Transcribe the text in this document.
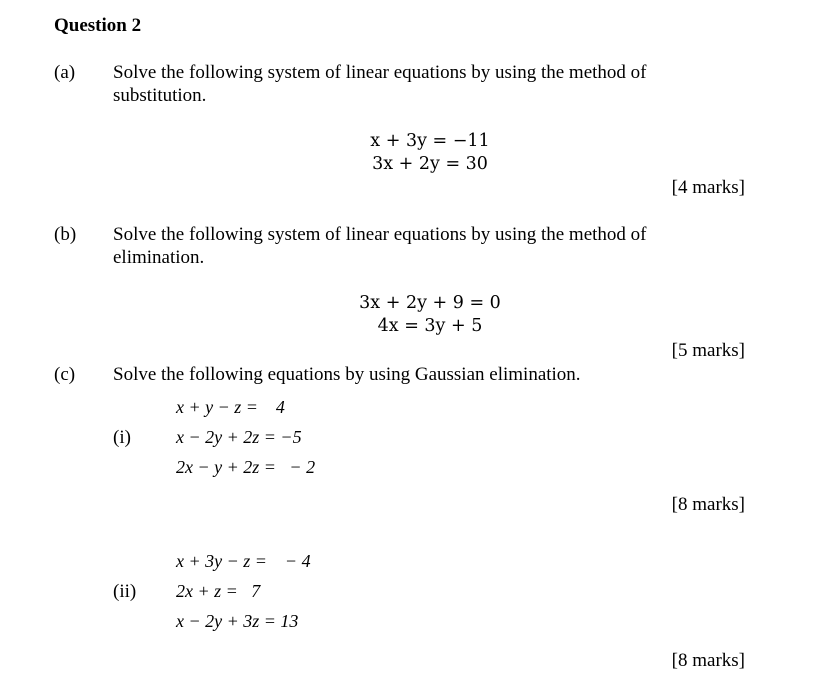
Question 2
(a) Solve the following system of linear equations by using the method of
substitution.
x + 3y = −11
3x + 2y = 30
[4 marks]
(b) Solve the following system of linear equations by using the method of
elimination.
3x + 2y + 9 = 0
4x = 3y + 5
[5 marks]
(c) Solve the following equations by using Gaussian elimination.
(i)
x + y − z =    4
x − 2y + 2z = −5
2x − y + 2z =   − 2
[8 marks]
(ii)
x + 3y − z =    − 4
2x + z =   7
x − 2y + 3z = 13
[8 marks]
